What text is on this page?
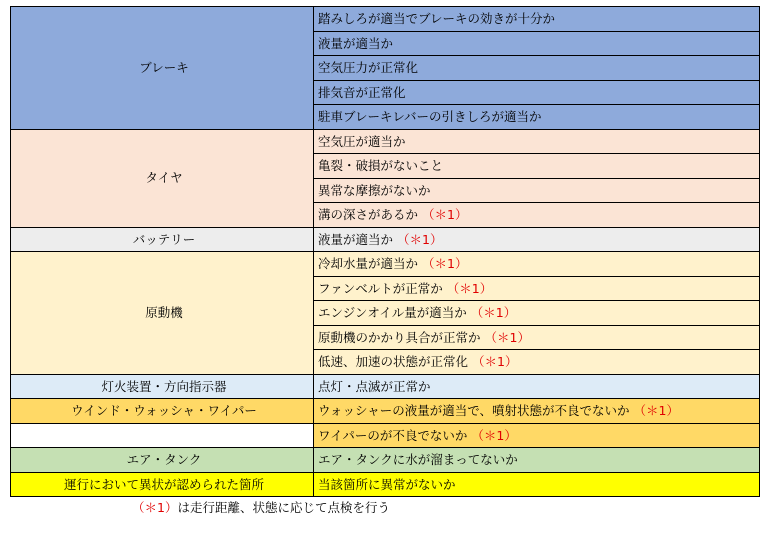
ブレーキ	踏みしろが適当でブレーキの効きが十分か
	液量が適当か
	空気圧力が正常化
	排気音が正常化
	駐車ブレーキレバーの引きしろが適当か
タイヤ	空気圧が適当か
	亀裂・破損がないこと
	異常な摩擦がないか
	溝の深さがあるか （＊1）
バッテリー	液量が適当か （＊1）
原動機	冷却水量が適当か （＊1）
	ファンベルトが正常か （＊1）
	エンジンオイル量が適当か （＊1）
	原動機のかかり具合が正常か （＊1）
	低速、加速の状態が正常化 （＊1）
灯火装置・方向指示器	点灯・点滅が正常か
ウインド・ウォッシャ・ワイパー	ウォッシャーの液量が適当で、噴射状態が不良でないか （＊1）
	ワイパーのが不良でないか （＊1）
エア・タンク	エア・タンクに水が溜まってないか
運行において異状が認められた箇所	当該箇所に異常がないか
（＊1）は走行距離、状態に応じて点検を行う
